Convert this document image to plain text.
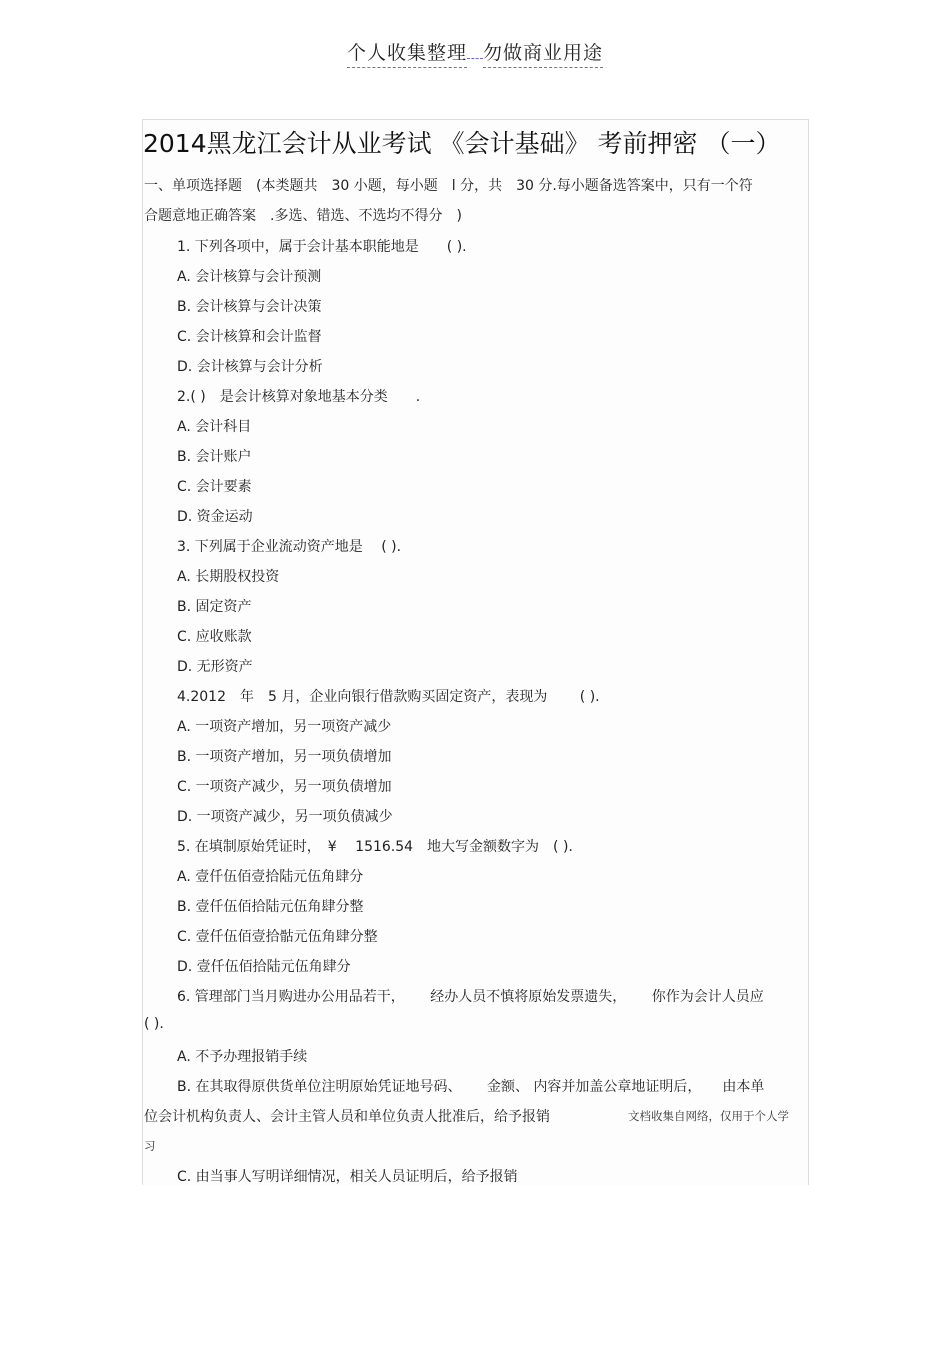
个人收集整理 勿做商业用途
2014黑龙江会计从业考试 《会计基础》 考前押密 （一）
一、单项选择题　(本类题共　30 小题，每小题　l 分，共　30 分.每小题备选答案中，只有一个符
合题意地正确答案　.多选、错选、不选均不得分　)
1. 下列各项中，属于会计基本职能地是　　( ).
A. 会计核算与会计预测
B. 会计核算与会计决策
C. 会计核算和会计监督
D. 会计核算与会计分析
2.( )　是会计核算对象地基本分类　　.
A. 会计科目
B. 会计账户
C. 会计要素
D. 资金运动
3. 下列属于企业流动资产地是　 ( ).
A. 长期股权投资
B. 固定资产
C. 应收账款
D. 无形资产
4.2012　年　5 月，企业向银行借款购买固定资产，表现为　　 ( ).
A. 一项资产增加，另一项资产减少
B. 一项资产增加，另一项负债增加
C. 一项资产减少，另一项负债增加
D. 一项资产减少，另一项负债减少
5. 在填制原始凭证时，　¥　 1516.54　地大写金额数字为　( ).
A. 壹仟伍佰壹拾陆元伍角肆分
B. 壹仟伍佰拾陆元伍角肆分整
C. 壹仟伍佰壹拾骷元伍角肆分整
D. 壹仟伍佰拾陆元伍角肆分
6. 管理部门当月购进办公用品若干，　　 经办人员不慎将原始发票遗失，　　 你作为会计人员应
( ).
A. 不予办理报销手续
B. 在其取得原供货单位注明原始凭证地号码、　　 金额、 内容并加盖公章地证明后，　　由本单
位会计机构负责人、会计主管人员和单位负责人批准后，给予报销	文档收集自网络，仅用于个人学
习
C. 由当事人写明详细情况，相关人员证明后，给予报销
